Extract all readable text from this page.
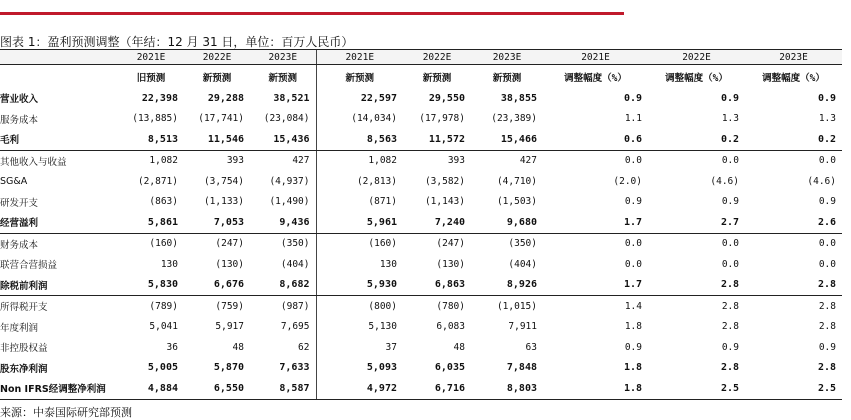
图表 1：盈利预测调整（年结：12 月 31 日，单位：百万人民币）
	2021E	2022E	2023E	2021E	2022E	2023E	2021E	2022E	2023E
	旧预测	新预测	新预测	新预测	新预测	新预测	调整幅度（%）	调整幅度（%）	调整幅度（%）
营业收入	22,398	29,288	38,521	22,597	29,550	38,855	0.9	0.9	0.9
服务成本	(13,885)	(17,741)	(23,084)	(14,034)	(17,978)	(23,389)	1.1	1.3	1.3
毛利	8,513	11,546	15,436	8,563	11,572	15,466	0.6	0.2	0.2
其他收入与收益	1,082	393	427	1,082	393	427	0.0	0.0	0.0
SG&A	(2,871)	(3,754)	(4,937)	(2,813)	(3,582)	(4,710)	(2.0)	(4.6)	(4.6)
研发开支	(863)	(1,133)	(1,490)	(871)	(1,143)	(1,503)	0.9	0.9	0.9
经营溢利	5,861	7,053	9,436	5,961	7,240	9,680	1.7	2.7	2.6
财务成本	(160)	(247)	(350)	(160)	(247)	(350)	0.0	0.0	0.0
联营合营损益	130	(130)	(404)	130	(130)	(404)	0.0	0.0	0.0
除税前利润	5,830	6,676	8,682	5,930	6,863	8,926	1.7	2.8	2.8
所得税开支	(789)	(759)	(987)	(800)	(780)	(1,015)	1.4	2.8	2.8
年度利润	5,041	5,917	7,695	5,130	6,083	7,911	1.8	2.8	2.8
非控股权益	36	48	62	37	48	63	0.9	0.9	0.9
股东净利润	5,005	5,870	7,633	5,093	6,035	7,848	1.8	2.8	2.8
Non IFRS经调整净利润	4,884	6,550	8,587	4,972	6,716	8,803	1.8	2.5	2.5
来源：中泰国际研究部预测
